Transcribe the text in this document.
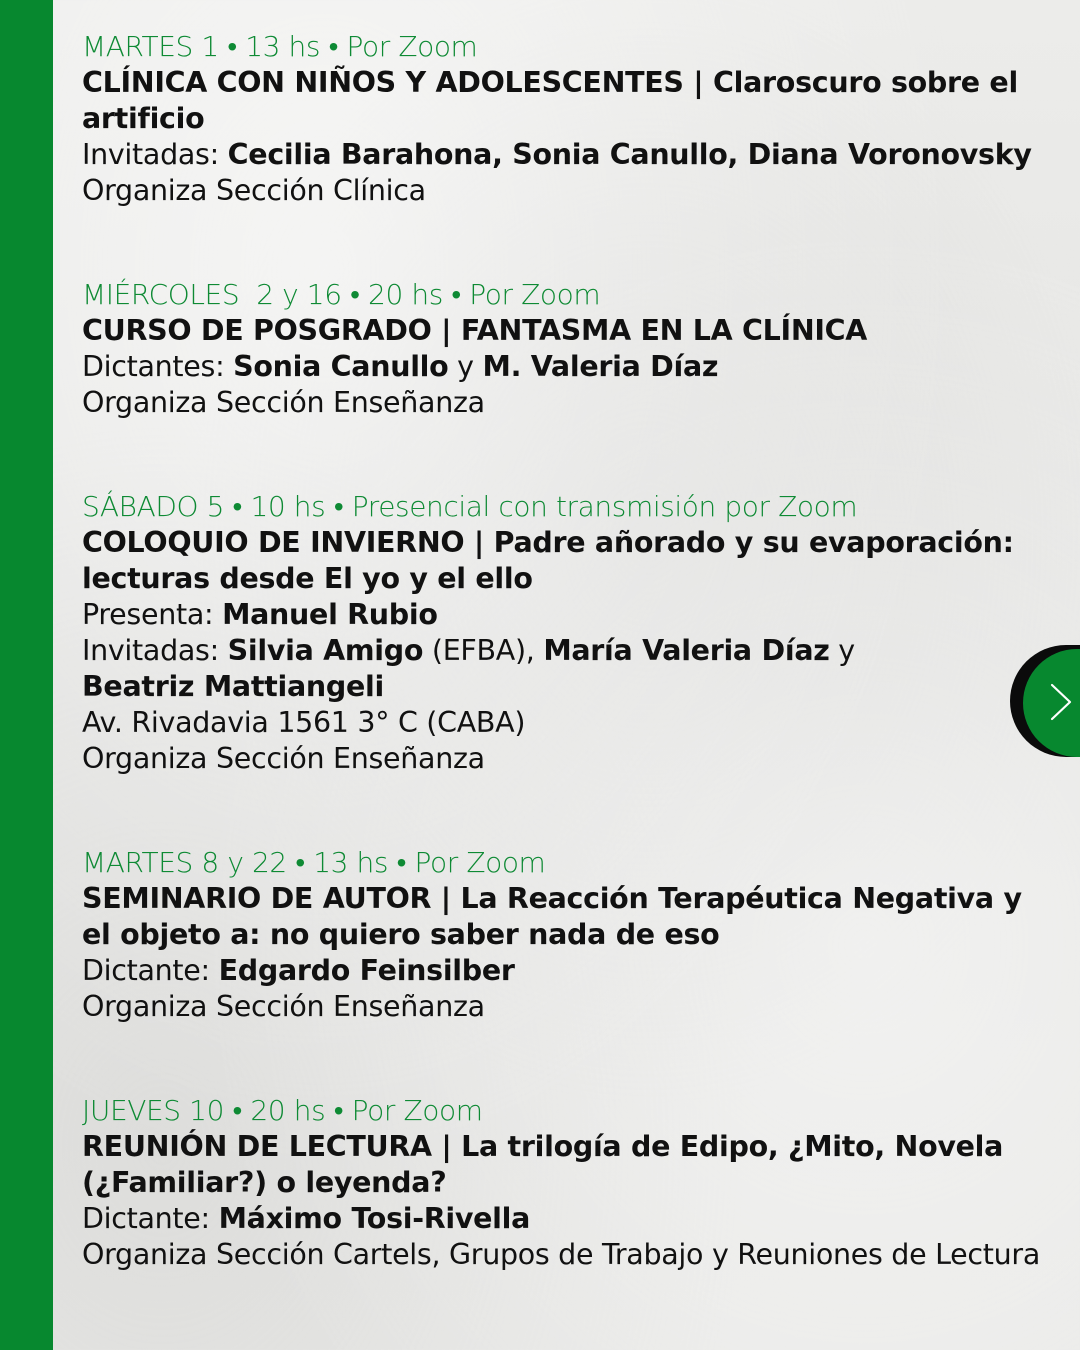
MARTES 1 • 13 hs • Por Zoom
CLÍNICA CON NIÑOS Y ADOLESCENTES | Claroscuro sobre el artificio
Invitadas: Cecilia Barahona, Sonia Canullo, Diana Voronovsky
Organiza Sección Clínica
MIÉRCOLES  2 y 16 • 20 hs • Por Zoom
CURSO DE POSGRADO | FANTASMA EN LA CLÍNICA
Dictantes: Sonia Canullo y M. Valeria Díaz
Organiza Sección Enseñanza
SÁBADO 5 • 10 hs • Presencial con transmisión por Zoom
COLOQUIO DE INVIERNO | Padre añorado y su evaporación: lecturas desde El yo y el ello
Presenta: Manuel Rubio
Invitadas: Silvia Amigo (EFBA), María Valeria Díaz y
Beatriz Mattiangeli
Av. Rivadavia 1561 3° C (CABA)
Organiza Sección Enseñanza
MARTES 8 y 22 • 13 hs • Por Zoom
SEMINARIO DE AUTOR | La Reacción Terapéutica Negativa y el objeto a: no quiero saber nada de eso
Dictante: Edgardo Feinsilber
Organiza Sección Enseñanza
JUEVES 10 • 20 hs • Por Zoom
REUNIÓN DE LECTURA | La trilogía de Edipo, ¿Mito, Novela (¿Familiar?) o leyenda?
Dictante: Máximo Tosi-Rivella
Organiza Sección Cartels, Grupos de Trabajo y Reuniones de Lectura
